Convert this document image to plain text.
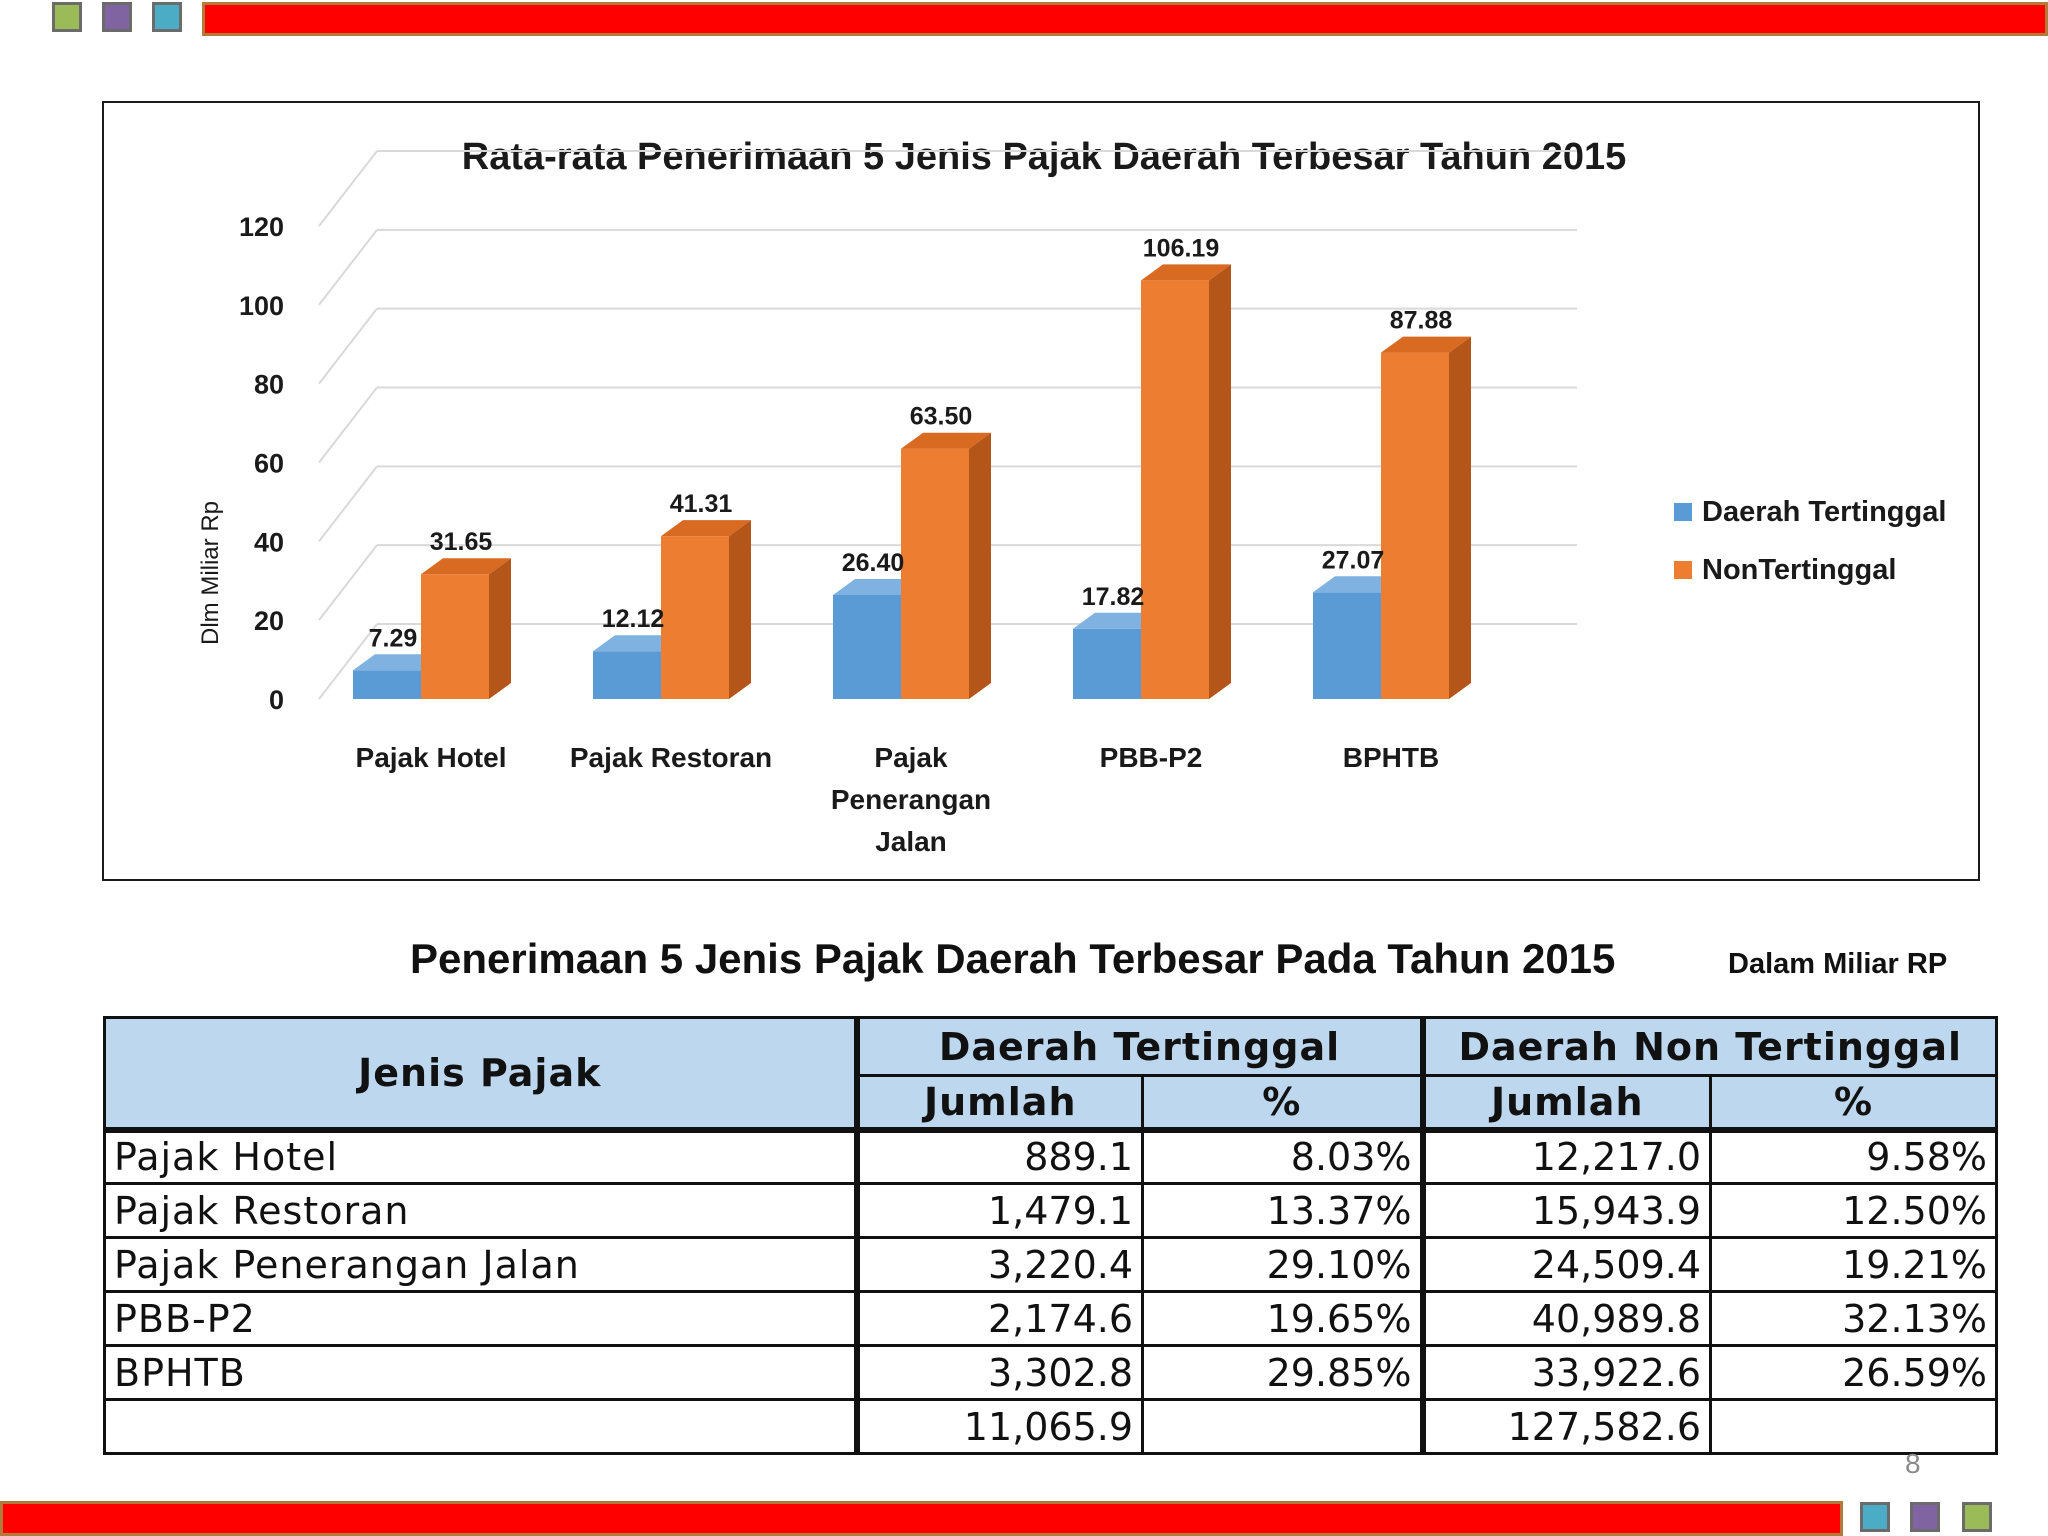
Rata-rata Penerimaan 5 Jenis Pajak Daerah Terbesar Tahun 2015
Dlm Miliar Rp
0
20
40
60
80
100
120
7.29
31.65
12.12
41.31
26.40
63.50
17.82
106.19
27.07
87.88
Pajak Hotel Pajak Restoran	Pajak
Penerangan
Jalan
PBB-P2	BPHTB
Daerah Tertinggal
NonTertinggal
Penerimaan 5 Jenis Pajak Daerah Terbesar Pada Tahun 2015	Dalam Miliar RP
Jenis Pajak	Daerah Tertinggal		Daerah Non Tertinggal	
	Jumlah	%	Jumlah	%
Pajak Hotel	889.1	8.03%	12,217.0	9.58%
Pajak Restoran	1,479.1	13.37%	15,943.9	12.50%
Pajak Penerangan Jalan	3,220.4	29.10%	24,509.4	19.21%
PBB-P2	2,174.6	19.65%	40,989.8	32.13%
BPHTB	3,302.8	29.85%	33,922.6	26.59%
	11,065.9		127,582.6	
8
